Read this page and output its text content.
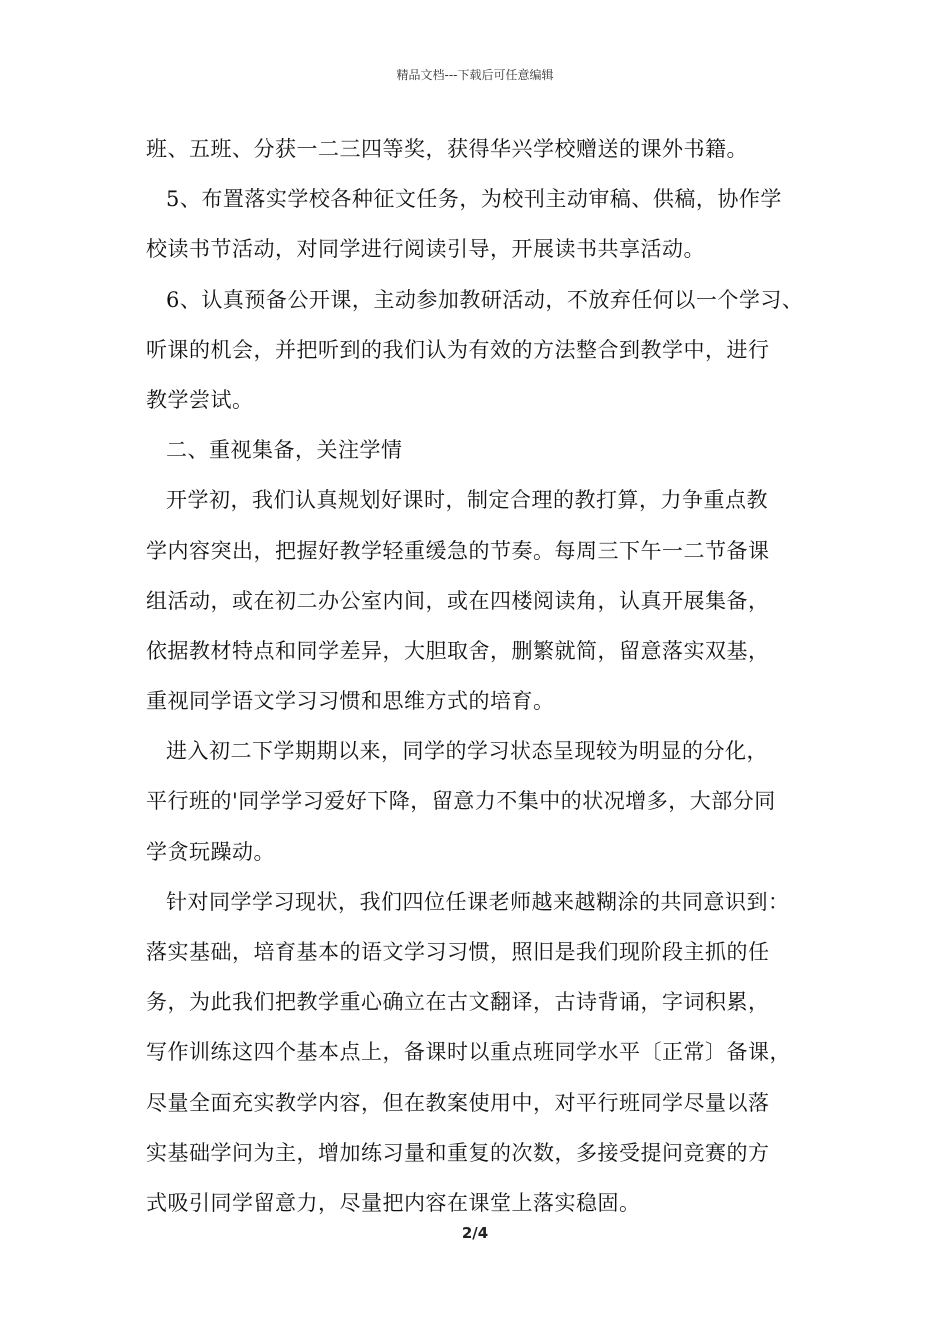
精品文档---下载后可任意编辑
班、五班、分获一二三四等奖，获得华兴学校赠送的课外书籍。
5、布置落实学校各种征文任务，为校刊主动审稿、供稿，协作学
校读书节活动，对同学进行阅读引导，开展读书共享活动。
6、认真预备公开课，主动参加教研活动，不放弃任何以一个学习、
听课的机会，并把听到的我们认为有效的方法整合到教学中，进行
教学尝试。
二、重视集备，关注学情
开学初，我们认真规划好课时，制定合理的教打算，力争重点教
学内容突出，把握好教学轻重缓急的节奏。每周三下午一二节备课
组活动，或在初二办公室内间，或在四楼阅读角，认真开展集备，
依据教材特点和同学差异，大胆取舍，删繁就简，留意落实双基，
重视同学语文学习习惯和思维方式的培育。
进入初二下学期期以来，同学的学习状态呈现较为明显的分化，
平行班的'同学学习爱好下降，留意力不集中的状况增多，大部分同
学贪玩躁动。
针对同学学习现状，我们四位任课老师越来越糊涂的共同意识到：
落实基础，培育基本的语文学习习惯，照旧是我们现阶段主抓的任
务，为此我们把教学重心确立在古文翻译，古诗背诵，字词积累，
写作训练这四个基本点上，备课时以重点班同学水平〔正常〕备课，
尽量全面充实教学内容，但在教案使用中，对平行班同学尽量以落
实基础学问为主，增加练习量和重复的次数，多接受提问竞赛的方
式吸引同学留意力，尽量把内容在课堂上落实稳固。
2/4
